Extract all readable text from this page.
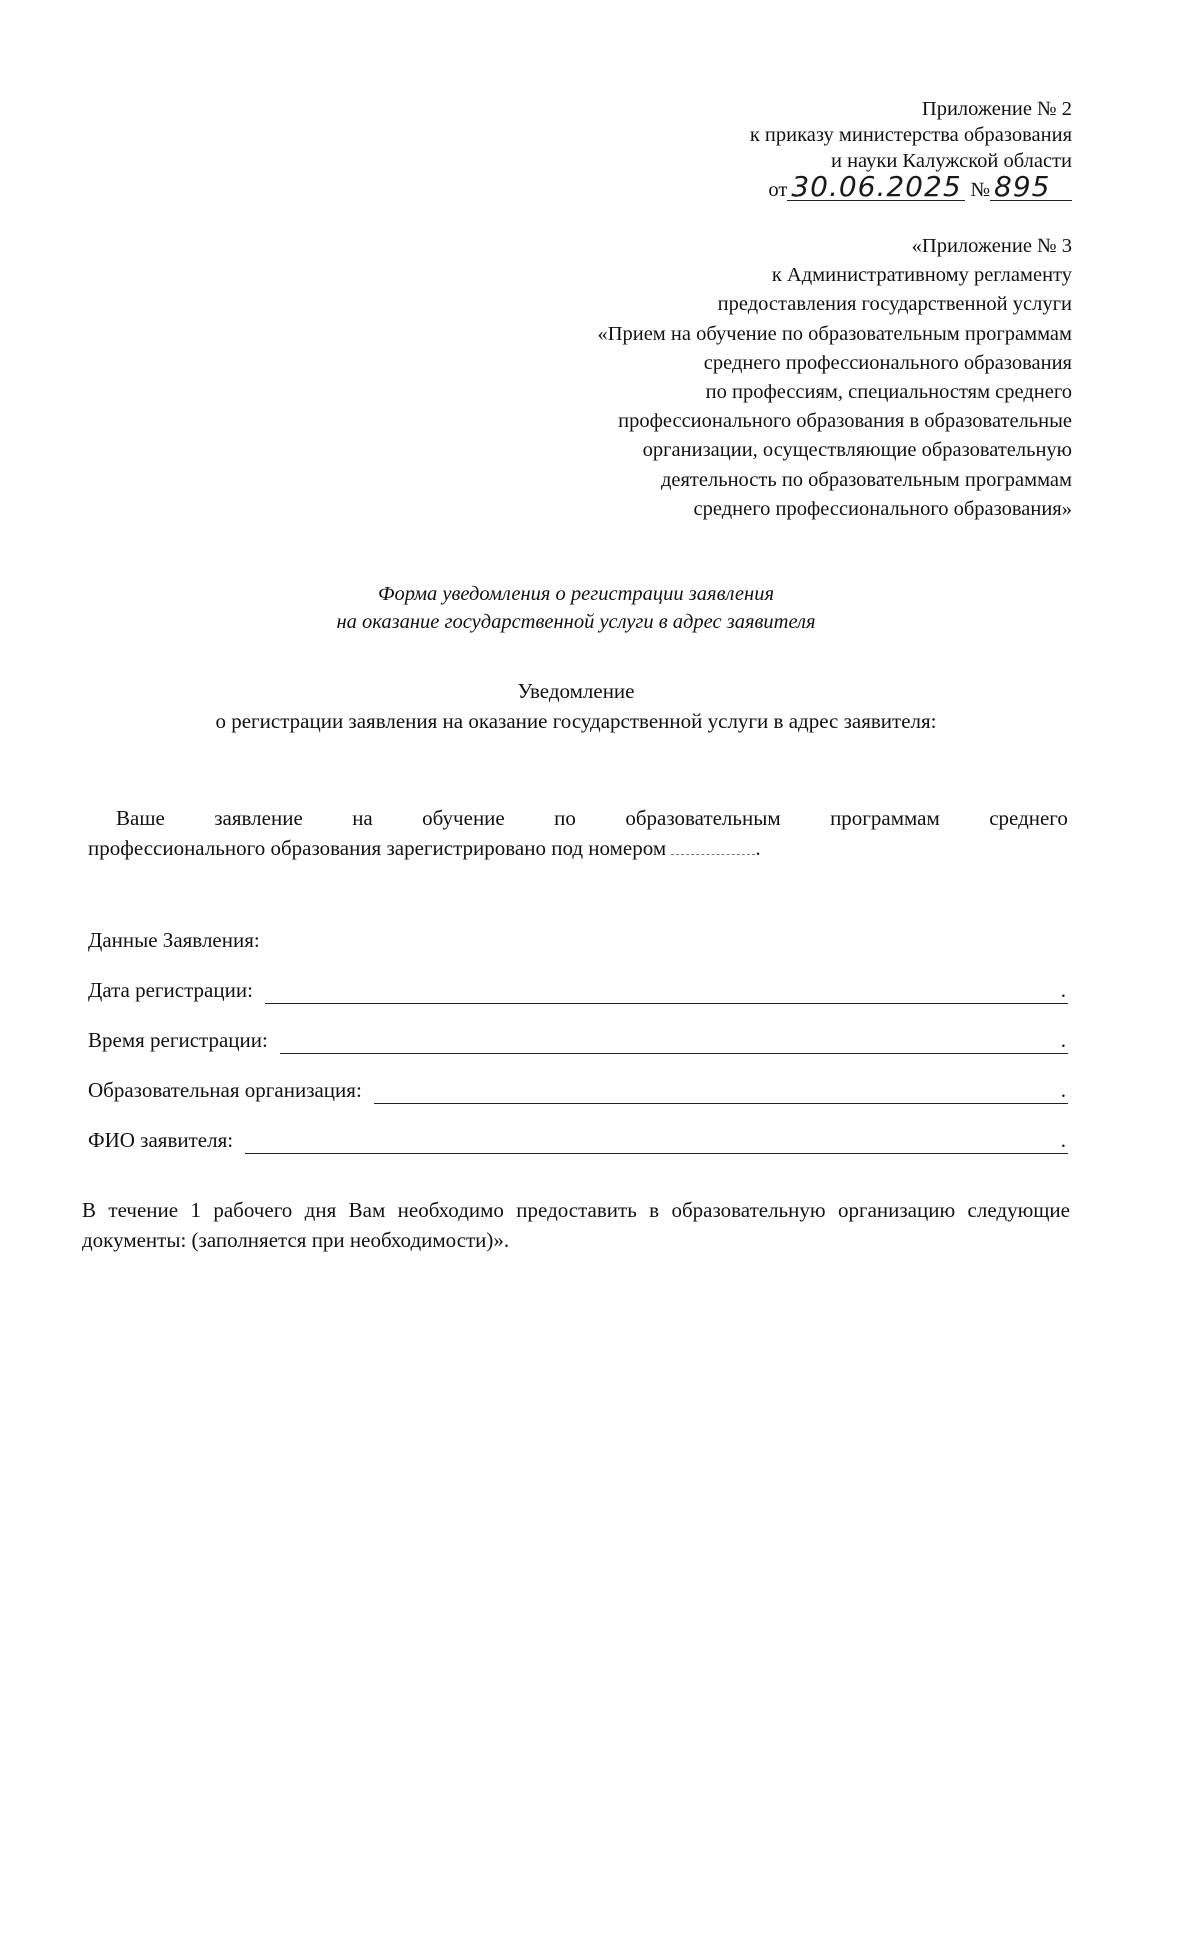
Приложение № 2
к приказу министерства образования
и науки Калужской области
от 30.06.2025 № 895
«Приложение № 3
к Административному регламенту
предоставления государственной услуги
«Прием на обучение по образовательным программам
среднего профессионального образования
по профессиям, специальностям среднего
профессионального образования в образовательные
организации, осуществляющие образовательную
деятельность по образовательным программам
среднего профессионального образования»
Форма уведомления о регистрации заявления
на оказание государственной услуги в адрес заявителя
Уведомление
о регистрации заявления на оказание государственной услуги в адрес заявителя:
Ваше заявление на обучение по образовательным программам среднего
профессионального образования зарегистрировано под номером	.
Данные Заявления:
Дата регистрации:	.
Время регистрации:	.
Образовательная организация:	.
ФИО заявителя:	.
В течение 1 рабочего дня Вам необходимо предоставить в образовательную организацию следующие документы: (заполняется при необходимости)».
